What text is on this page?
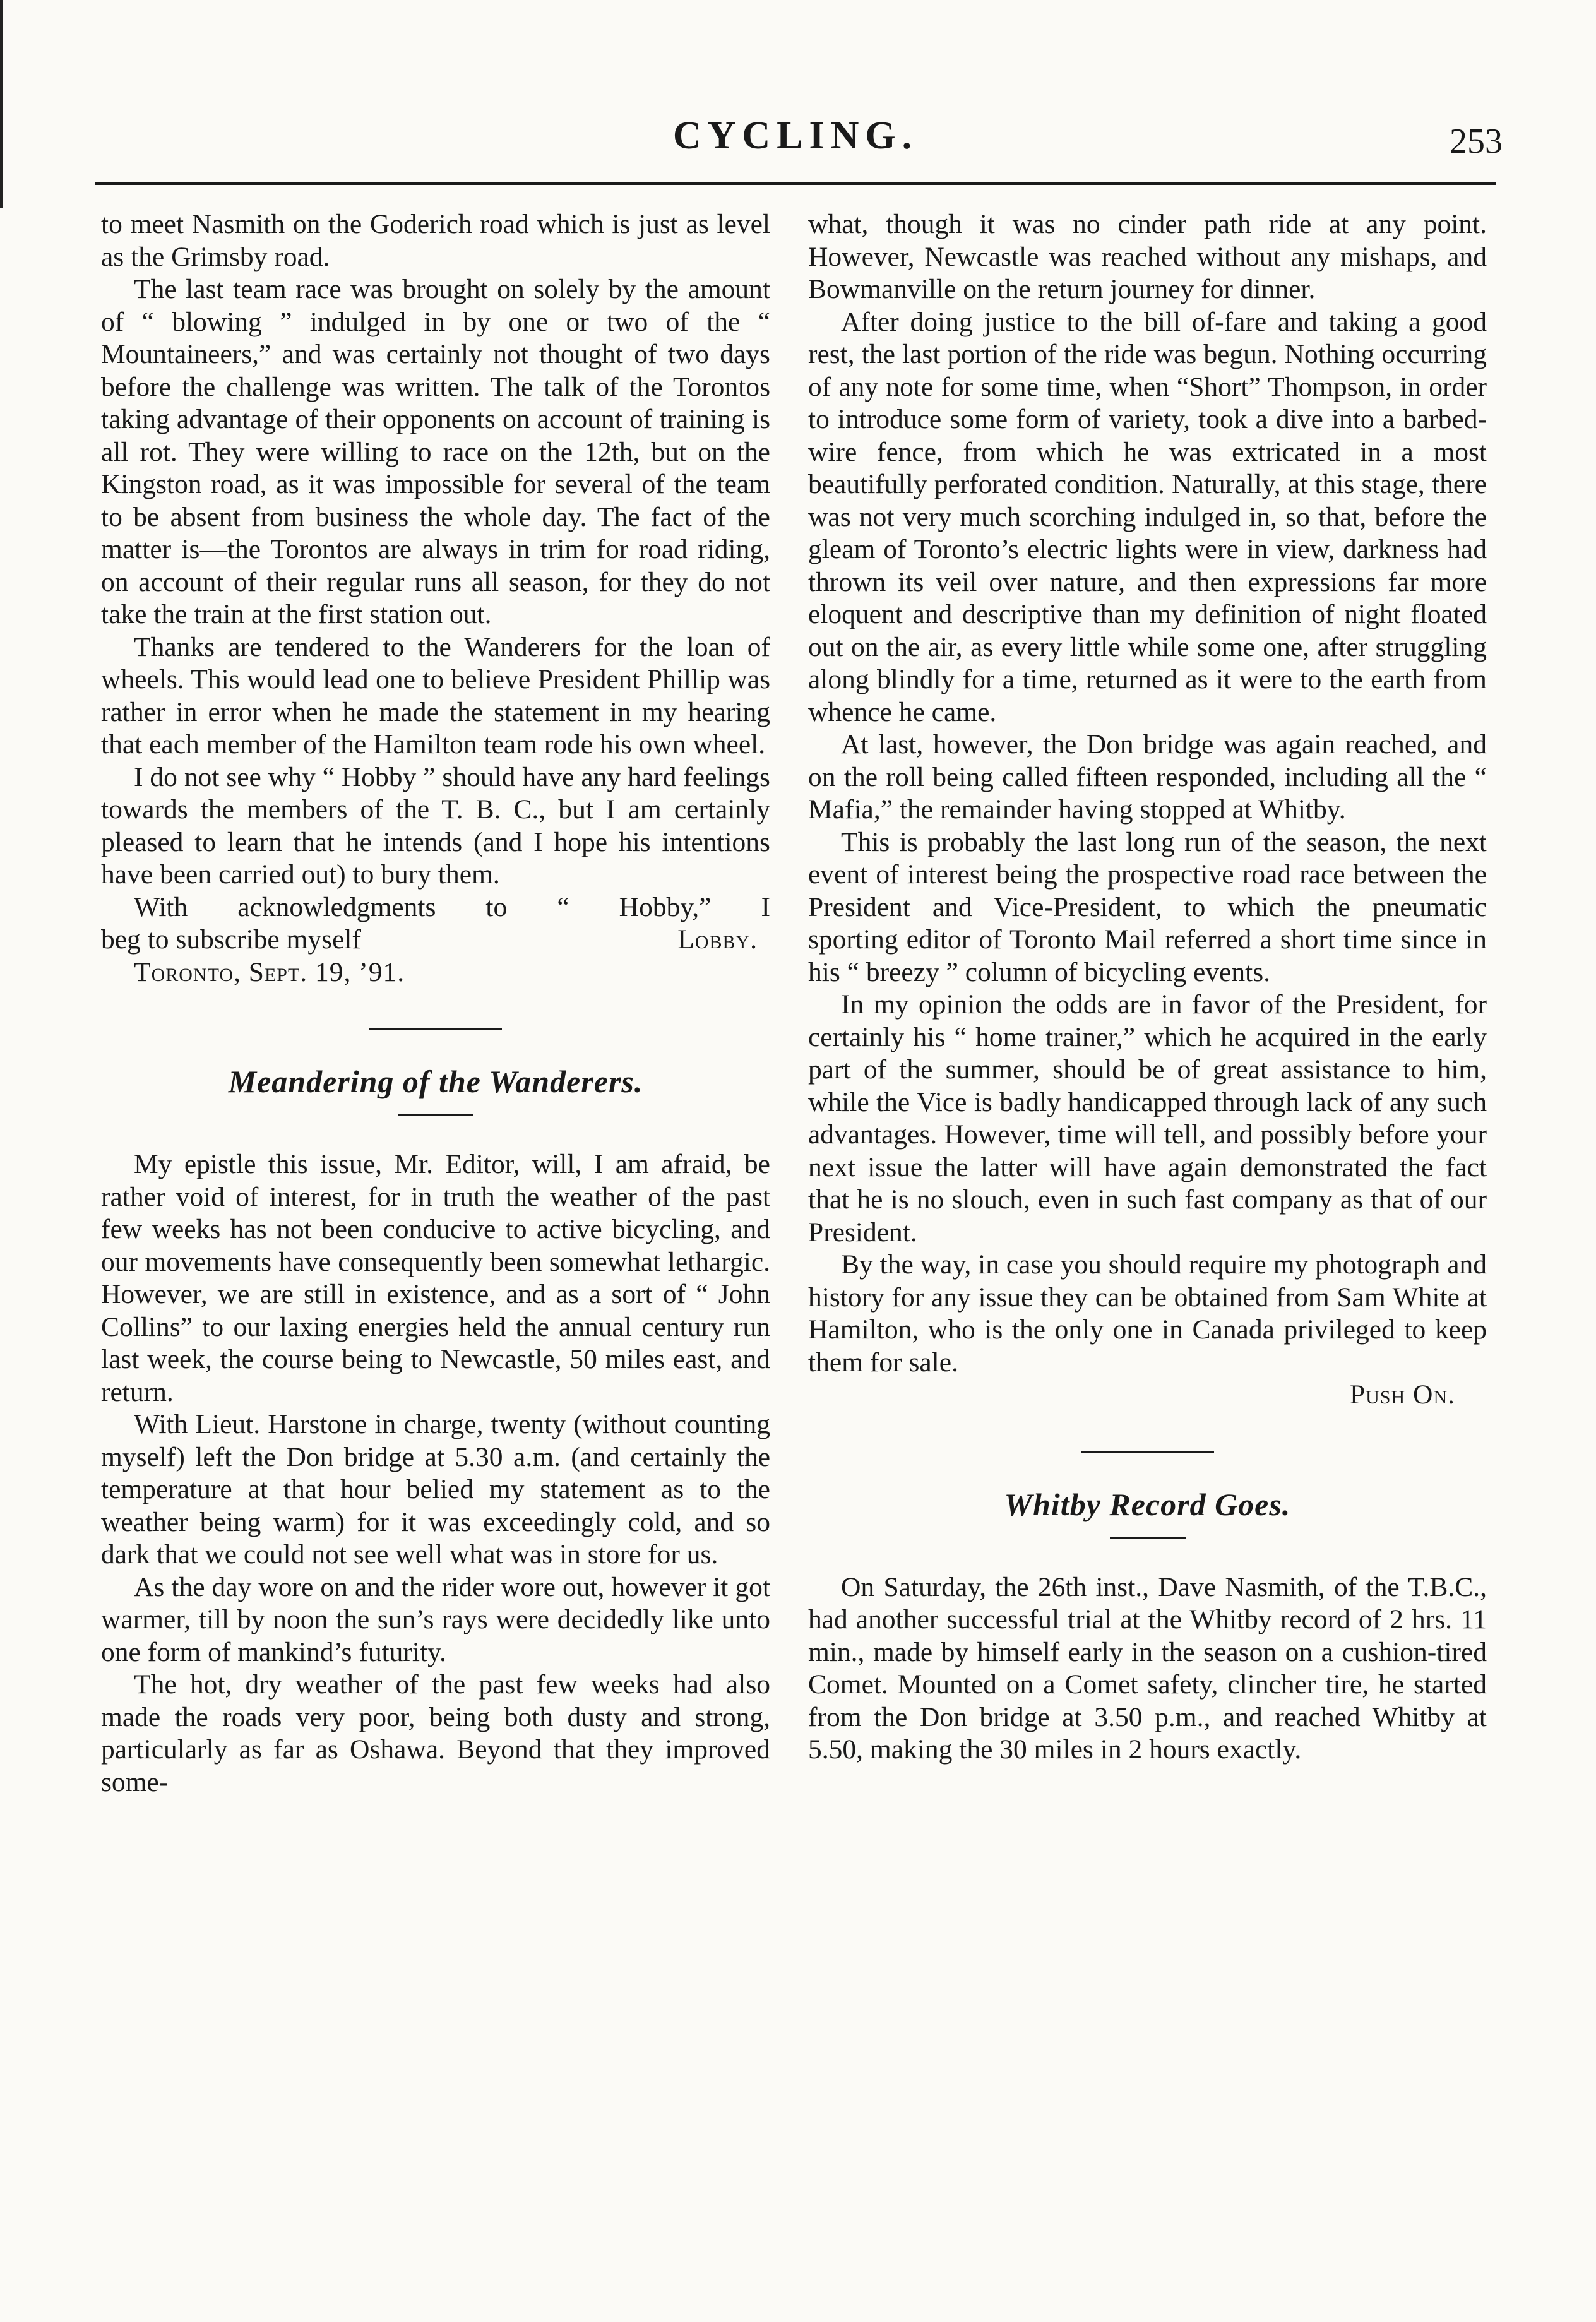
CYCLING.	253

to meet Nasmith on the Goderich road which is just as level as the Grimsby road.

The last team race was brought on solely by the amount of “ blowing ” indulged in by one or two of the “ Mountaineers,” and was certainly not thought of two days before the challenge was written. The talk of the Torontos taking advantage of their opponents on account of training is all rot. They were willing to race on the 12th, but on the Kingston road, as it was impossible for several of the team to be absent from business the whole day. The fact of the matter is—the Torontos are always in trim for road riding, on account of their regular runs all season, for they do not take the train at the first station out.

Thanks are tendered to the Wanderers for the loan of wheels. This would lead one to believe President Phillip was rather in error when he made the statement in my hearing that each member of the Hamilton team rode his own wheel.

I do not see why “ Hobby ” should have any hard feelings towards the members of the T. B. C., but I am certainly pleased to learn that he intends (and I hope his intentions have been carried out) to bury them.

With acknowledgments to “ Hobby,” I

beg to subscribe myself	Lobby.
Toronto, Sept. 19, ’91.
Meandering of the Wanderers.

My epistle this issue, Mr. Editor, will, I am afraid, be rather void of interest, for in truth the weather of the past few weeks has not been conducive to active bicycling, and our movements have consequently been somewhat lethargic. However, we are still in existence, and as a sort of “ John Collins” to our laxing energies held the annual century run last week, the course being to Newcastle, 50 miles east, and return.

With Lieut. Harstone in charge, twenty (without counting myself) left the Don bridge at 5.30 a.m. (and certainly the temperature at that hour belied my statement as to the weather being warm) for it was exceedingly cold, and so dark that we could not see well what was in store for us.

As the day wore on and the rider wore out, however it got warmer, till by noon the sun’s rays were decidedly like unto one form of mankind’s futurity.

The hot, dry weather of the past few weeks had also made the roads very poor, being both dusty and strong, particularly as far as Oshawa. Beyond that they improved some-

what, though it was no cinder path ride at any point. However, Newcastle was reached without any mishaps, and Bowmanville on the return journey for dinner.

After doing justice to the bill of-fare and taking a good rest, the last portion of the ride was begun. Nothing occurring of any note for some time, when “Short” Thompson, in order to introduce some form of variety, took a dive into a barbed-wire fence, from which he was extricated in a most beautifully perforated condition. Naturally, at this stage, there was not very much scorching indulged in, so that, before the gleam of Toronto’s electric lights were in view, darkness had thrown its veil over nature, and then expressions far more eloquent and descriptive than my definition of night floated out on the air, as every little while some one, after struggling along blindly for a time, returned as it were to the earth from whence he came.

At last, however, the Don bridge was again reached, and on the roll being called fifteen responded, including all the “ Mafia,” the remainder having stopped at Whitby.

This is probably the last long run of the season, the next event of interest being the prospective road race between the President and Vice-President, to which the pneumatic sporting editor of Toronto Mail referred a short time since in his “ breezy ” column of bicycling events.

In my opinion the odds are in favor of the President, for certainly his “ home trainer,” which he acquired in the early part of the summer, should be of great assistance to him, while the Vice is badly handicapped through lack of any such advantages. However, time will tell, and possibly before your next issue the latter will have again demonstrated the fact that he is no slouch, even in such fast company as that of our President.

By the way, in case you should require my photograph and history for any issue they can be obtained from Sam White at Hamilton, who is the only one in Canada privileged to keep them for sale.

Push On.
Whitby Record Goes.

On Saturday, the 26th inst., Dave Nasmith, of the T.B.C., had another successful trial at the Whitby record of 2 hrs. 11 min., made by himself early in the season on a cushion-tired Comet. Mounted on a Comet safety, clincher tire, he started from the Don bridge at 3.50 p.m., and reached Whitby at 5.50, making the 30 miles in 2 hours exactly.
